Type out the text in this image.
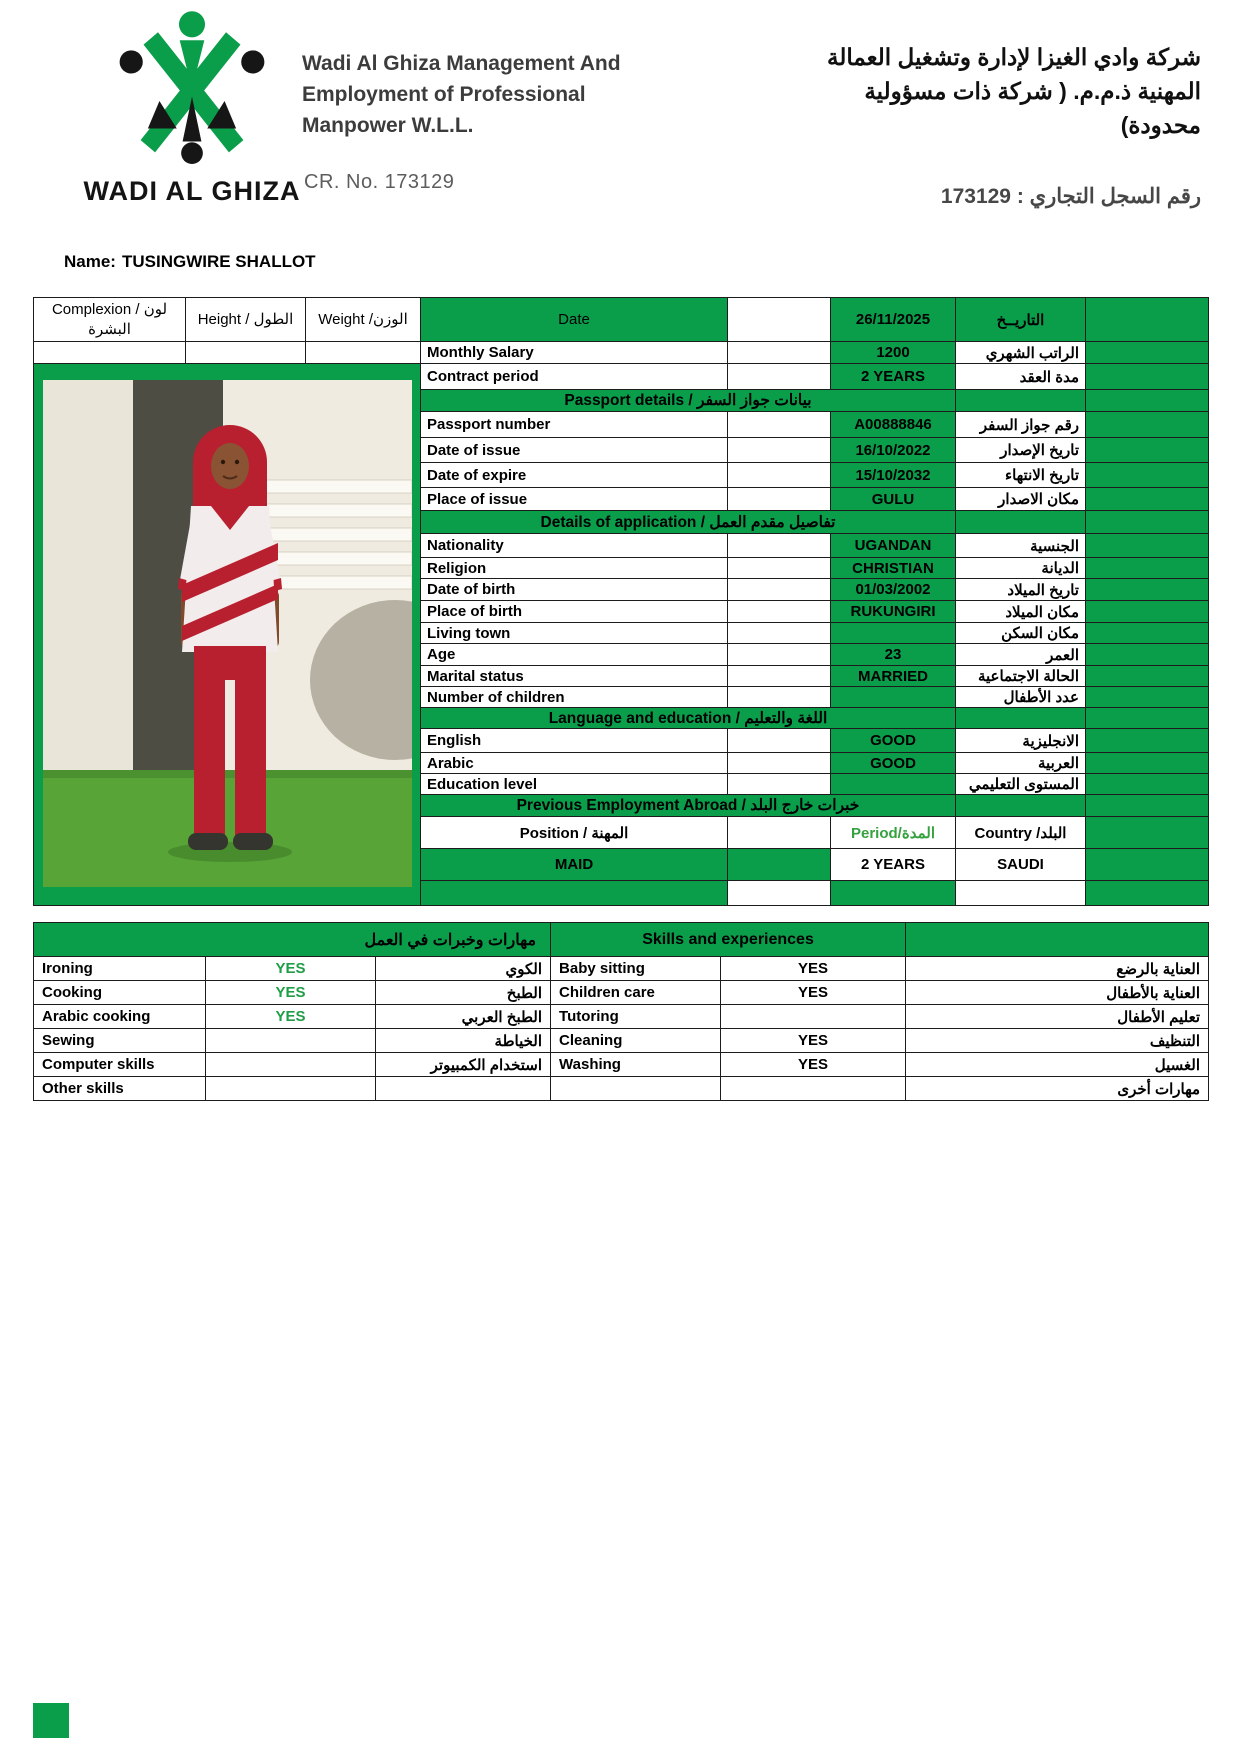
WADI AL GHIZA
Wadi Al Ghiza Management And
Employment of Professional
Manpower W.L.L.
CR. No. 173129
شركة وادي الغيزا لإدارة وتشغيل العمالة
المهنية ذ.م.م. ( شركة ذات مسؤولية
محدودة)
رقم السجل التجاري : 173129
Name: TUSINGWIRE SHALLOT
Complexion / لون البشرة	Height / الطول	Weight /الوزن	Date		26/11/2025	التاريــخ	
			Monthly Salary		1200	الراتب الشهري	

	Contract period		2 YEARS	مدة العقد	
			Passport details / بيانات جواز السفر				
			Passport number		A00888846	رقم جواز السفر	
			Date of issue		16/10/2022	تاريخ الإصدار	
			Date of expire		15/10/2032	تاريخ الانتهاء	
			Place of issue		GULU	مكان الاصدار	
			Details of application / تفاصيل مقدم العمل				
			Nationality		UGANDAN	الجنسية	
			Religion		CHRISTIAN	الديانة	
			Date of birth		01/03/2002	تاريخ الميلاد	
			Place of birth		RUKUNGIRI	مكان الميلاد	
			Living town			مكان السكن	
			Age		23	العمر	
			Marital status		MARRIED	الحالة الاجتماعية	
			Number of children			عدد الأطفال	
			Language and education / اللغة والتعليم				
			English		GOOD	الانجليزية	
			Arabic		GOOD	العربية	
			Education level			المستوى التعليمي	
			Previous Employment Abroad / خبرات خارج البلد				
			Position / المهنة		Period/المدة	Country /البلد	
			MAID		2 YEARS	SAUDI	

مهارات وخبرات في العمل			Skills and experiences		
Ironing	YES	الكوي	Baby sitting	YES	العناية بالرضع
Cooking	YES	الطبخ	Children care	YES	العناية بالأطفال
Arabic cooking	YES	الطبخ العربي	Tutoring		تعليم الأطفال
Sewing		الخياطة	Cleaning	YES	التنظيف
Computer skills		استخدام الكمبيوتر	Washing	YES	الغسيل
Other skills					مهارات أخرى
